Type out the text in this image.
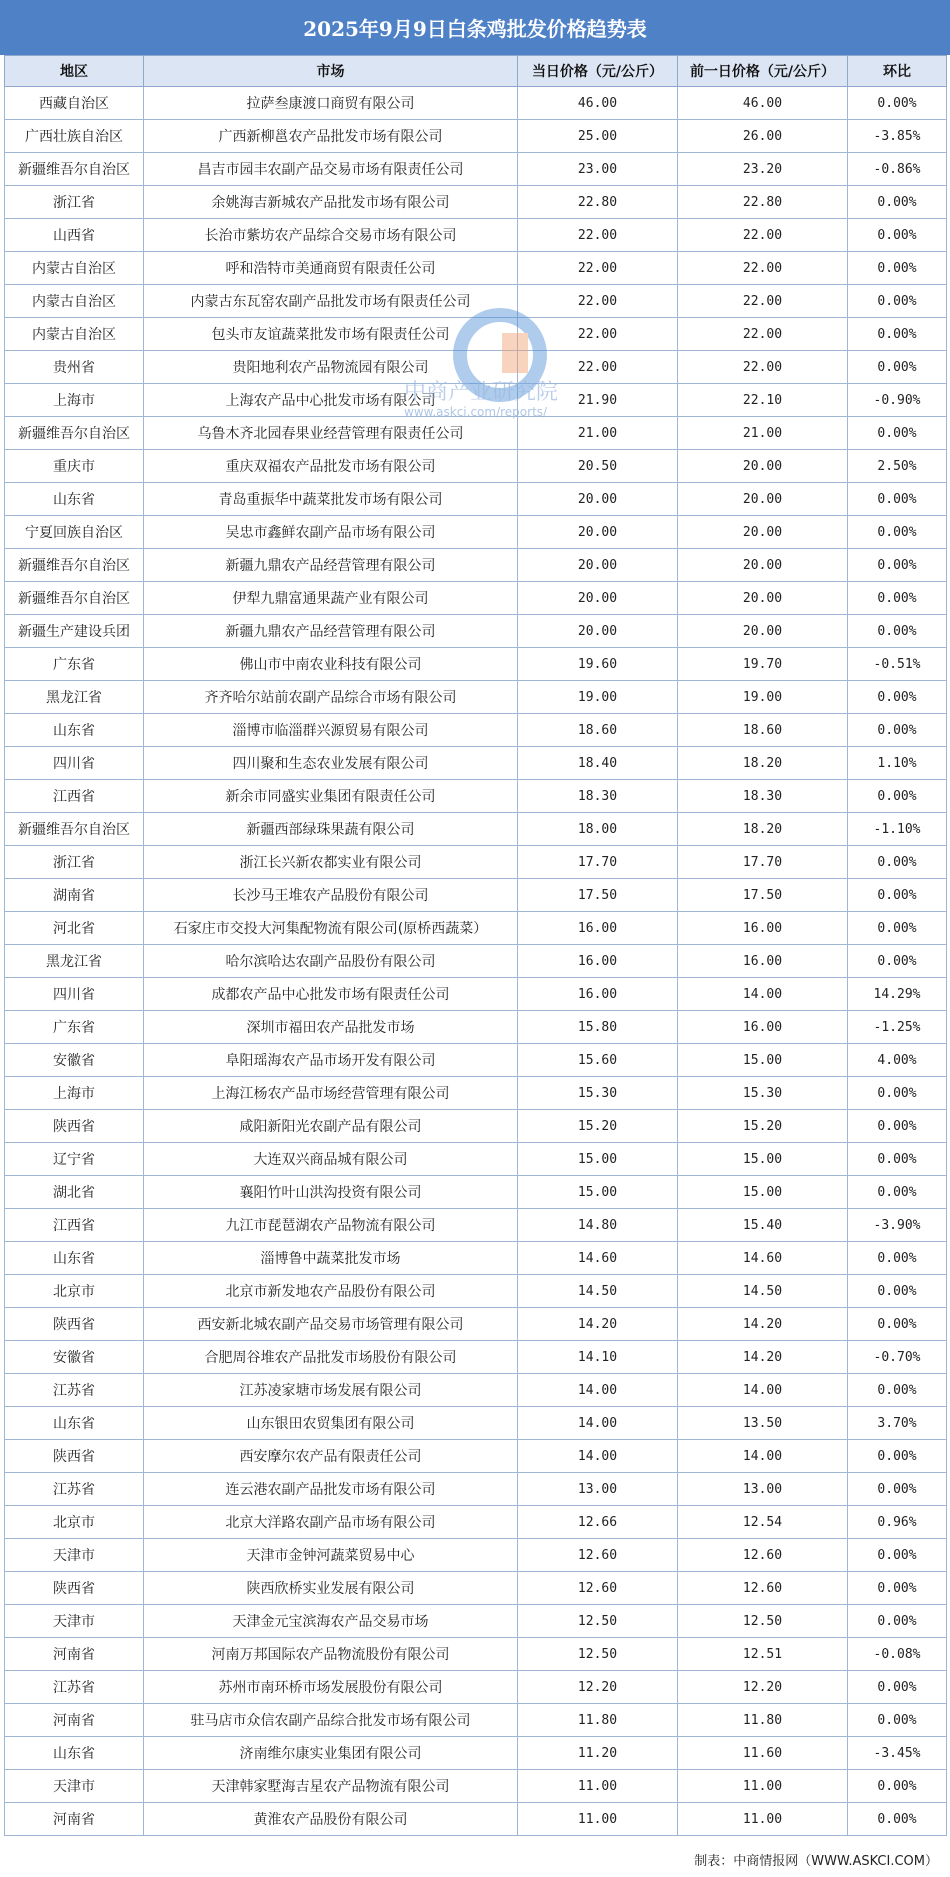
2025年9月9日白条鸡批发价格趋势表
地区	市场	当日价格（元/公斤）	前一日价格（元/公斤）	环比
西藏自治区	拉萨叁康渡口商贸有限公司	46.00	46.00	0.00%
广西壮族自治区	广西新柳邕农产品批发市场有限公司	25.00	26.00	-3.85%
新疆维吾尔自治区	昌吉市园丰农副产品交易市场有限责任公司	23.00	23.20	-0.86%
浙江省	余姚海吉新城农产品批发市场有限公司	22.80	22.80	0.00%
山西省	长治市紫坊农产品综合交易市场有限公司	22.00	22.00	0.00%
内蒙古自治区	呼和浩特市美通商贸有限责任公司	22.00	22.00	0.00%
内蒙古自治区	内蒙古东瓦窑农副产品批发市场有限责任公司	22.00	22.00	0.00%
内蒙古自治区	包头市友谊蔬菜批发市场有限责任公司	22.00	22.00	0.00%
贵州省	贵阳地利农产品物流园有限公司	22.00	22.00	0.00%
上海市	上海农产品中心批发市场有限公司	21.90	22.10	-0.90%
新疆维吾尔自治区	乌鲁木齐北园春果业经营管理有限责任公司	21.00	21.00	0.00%
重庆市	重庆双福农产品批发市场有限公司	20.50	20.00	2.50%
山东省	青岛重振华中蔬菜批发市场有限公司	20.00	20.00	0.00%
宁夏回族自治区	吴忠市鑫鲜农副产品市场有限公司	20.00	20.00	0.00%
新疆维吾尔自治区	新疆九鼎农产品经营管理有限公司	20.00	20.00	0.00%
新疆维吾尔自治区	伊犁九鼎富通果蔬产业有限公司	20.00	20.00	0.00%
新疆生产建设兵团	新疆九鼎农产品经营管理有限公司	20.00	20.00	0.00%
广东省	佛山市中南农业科技有限公司	19.60	19.70	-0.51%
黑龙江省	齐齐哈尔站前农副产品综合市场有限公司	19.00	19.00	0.00%
山东省	淄博市临淄群兴源贸易有限公司	18.60	18.60	0.00%
四川省	四川聚和生态农业发展有限公司	18.40	18.20	1.10%
江西省	新余市同盛实业集团有限责任公司	18.30	18.30	0.00%
新疆维吾尔自治区	新疆西部绿珠果蔬有限公司	18.00	18.20	-1.10%
浙江省	浙江长兴新农都实业有限公司	17.70	17.70	0.00%
湖南省	长沙马王堆农产品股份有限公司	17.50	17.50	0.00%
河北省	石家庄市交投大河集配物流有限公司(原桥西蔬菜）	16.00	16.00	0.00%
黑龙江省	哈尔滨哈达农副产品股份有限公司	16.00	16.00	0.00%
四川省	成都农产品中心批发市场有限责任公司	16.00	14.00	14.29%
广东省	深圳市福田农产品批发市场	15.80	16.00	-1.25%
安徽省	阜阳瑶海农产品市场开发有限公司	15.60	15.00	4.00%
上海市	上海江杨农产品市场经营管理有限公司	15.30	15.30	0.00%
陕西省	咸阳新阳光农副产品有限公司	15.20	15.20	0.00%
辽宁省	大连双兴商品城有限公司	15.00	15.00	0.00%
湖北省	襄阳竹叶山洪沟投资有限公司	15.00	15.00	0.00%
江西省	九江市琵琶湖农产品物流有限公司	14.80	15.40	-3.90%
山东省	淄博鲁中蔬菜批发市场	14.60	14.60	0.00%
北京市	北京市新发地农产品股份有限公司	14.50	14.50	0.00%
陕西省	西安新北城农副产品交易市场管理有限公司	14.20	14.20	0.00%
安徽省	合肥周谷堆农产品批发市场股份有限公司	14.10	14.20	-0.70%
江苏省	江苏凌家塘市场发展有限公司	14.00	14.00	0.00%
山东省	山东银田农贸集团有限公司	14.00	13.50	3.70%
陕西省	西安摩尔农产品有限责任公司	14.00	14.00	0.00%
江苏省	连云港农副产品批发市场有限公司	13.00	13.00	0.00%
北京市	北京大洋路农副产品市场有限公司	12.66	12.54	0.96%
天津市	天津市金钟河蔬菜贸易中心	12.60	12.60	0.00%
陕西省	陕西欣桥实业发展有限公司	12.60	12.60	0.00%
天津市	天津金元宝滨海农产品交易市场	12.50	12.50	0.00%
河南省	河南万邦国际农产品物流股份有限公司	12.50	12.51	-0.08%
江苏省	苏州市南环桥市场发展股份有限公司	12.20	12.20	0.00%
河南省	驻马店市众信农副产品综合批发市场有限公司	11.80	11.80	0.00%
山东省	济南维尔康实业集团有限公司	11.20	11.60	-3.45%
天津市	天津韩家墅海吉星农产品物流有限公司	11.00	11.00	0.00%
河南省	黄淮农产品股份有限公司	11.00	11.00	0.00%
中商产业研究院
www.askci.com/reports/
制表：中商情报网（WWW.ASKCI.COM）
